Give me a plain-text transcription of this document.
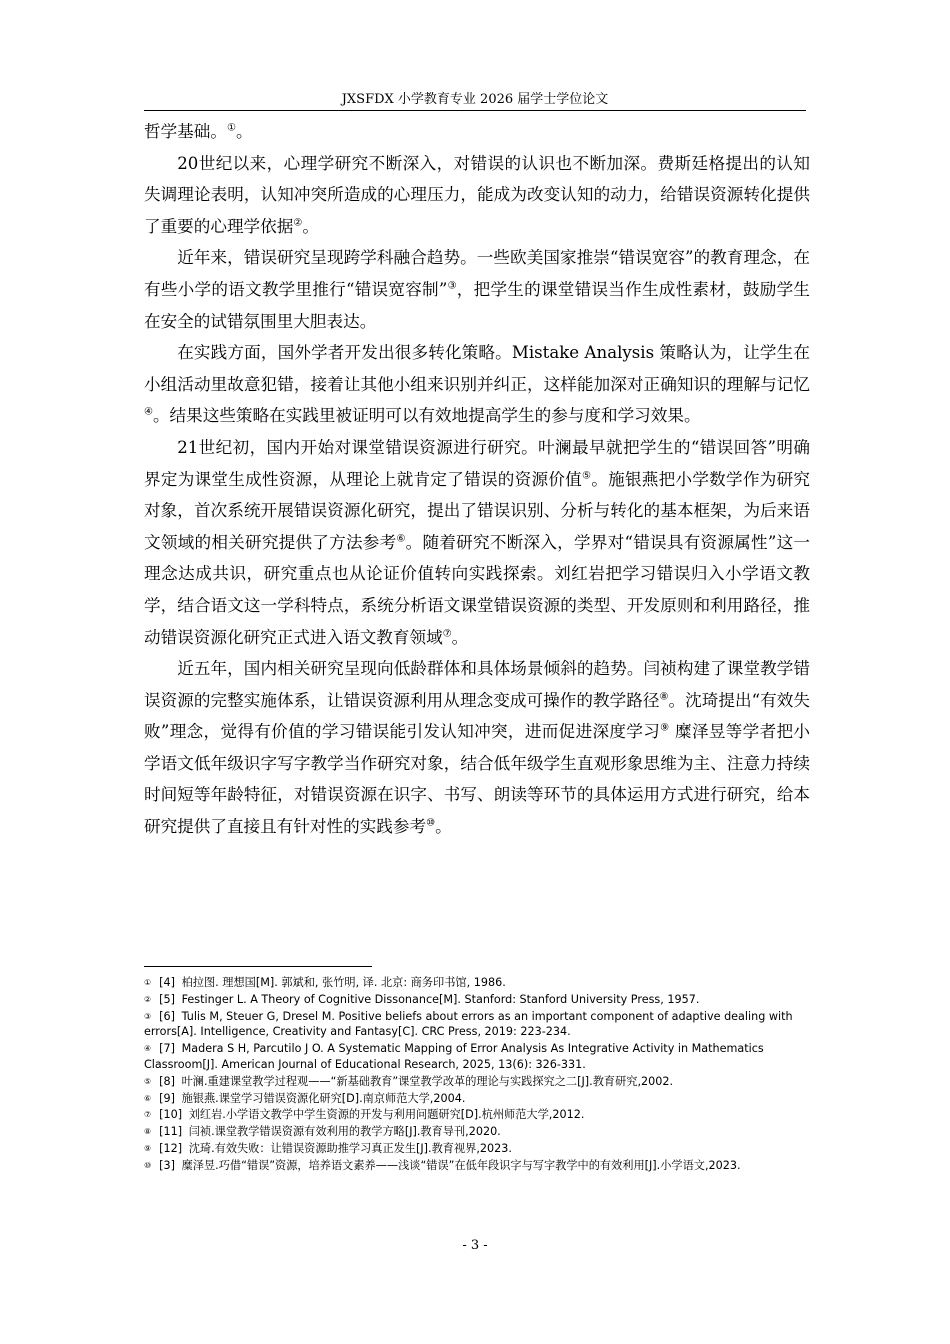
JXSFDX 小学教育专业 2026 届学士学位论文

哲学基础。①。

20世纪以来，心理学研究不断深入，对错误的认识也不断加深。费斯廷格提出的认知失调理论表明，认知冲突所造成的心理压力，能成为改变认知的动力，给错误资源转化提供了重要的心理学依据②。

近年来，错误研究呈现跨学科融合趋势。一些欧美国家推崇“错误宽容”的教育理念，在有些小学的语文教学里推行“错误宽容制”③，把学生的课堂错误当作生成性素材，鼓励学生在安全的试错氛围里大胆表达。

在实践方面，国外学者开发出很多转化策略。Mistake Analysis 策略认为，让学生在小组活动里故意犯错，接着让其他小组来识别并纠正，这样能加深对正确知识的理解与记忆④。结果这些策略在实践里被证明可以有效地提高学生的参与度和学习效果。

21世纪初，国内开始对课堂错误资源进行研究。叶澜最早就把学生的“错误回答”明确界定为课堂生成性资源，从理论上就肯定了错误的资源价值⑤。施银燕把小学数学作为研究对象，首次系统开展错误资源化研究，提出了错误识别、分析与转化的基本框架，为后来语文领域的相关研究提供了方法参考⑥。随着研究不断深入，学界对“错误具有资源属性”这一理念达成共识，研究重点也从论证价值转向实践探索。刘红岩把学习错误归入小学语文教学，结合语文这一学科特点，系统分析语文课堂错误资源的类型、开发原则和利用路径，推动错误资源化研究正式进入语文教育领域⑦。

近五年，国内相关研究呈现向低龄群体和具体场景倾斜的趋势。闫祯构建了课堂教学错误资源的完整实施体系，让错误资源利用从理念变成可操作的教学路径⑧。沈琦提出“有效失败”理念，觉得有价值的学习错误能引发认知冲突，进而促进深度学习⑨ 糜泽昱等学者把小学语文低年级识字写字教学当作研究对象，结合低年级学生直观形象思维为主、注意力持续时间短等年龄特征，对错误资源在识字、书写、朗读等环节的具体运用方式进行研究，给本研究提供了直接且有针对性的实践参考⑩。

① [4] 柏拉图. 理想国[M]. 郭斌和, 张竹明, 译. 北京: 商务印书馆, 1986.
② [5] Festinger L. A Theory of Cognitive Dissonance[M]. Stanford: Stanford University Press, 1957.
③ [6] Tulis M, Steuer G, Dresel M. Positive beliefs about errors as an important component of adaptive dealing with errors[A]. Intelligence, Creativity and Fantasy[C]. CRC Press, 2019: 223-234.
④ [7] Madera S H, Parcutilo J O. A Systematic Mapping of Error Analysis As Integrative Activity in Mathematics Classroom[J]. American Journal of Educational Research, 2025, 13(6): 326-331.
⑤ [8] 叶澜.重建课堂教学过程观——“新基础教育”课堂教学改革的理论与实践探究之二[J].教育研究,2002.
⑥ [9] 施银燕.课堂学习错误资源化研究[D].南京师范大学,2004.
⑦ [10] 刘红岩.小学语文教学中学生资源的开发与利用问题研究[D].杭州师范大学,2012.
⑧ [11] 闫祯.课堂教学错误资源有效利用的教学方略[J].教育导刊,2020.
⑨ [12] 沈琦.有效失败：让错误资源助推学习真正发生[J].教育视界,2023.
⑩ [3] 糜泽昱.巧借“错误”资源，培养语文素养——浅谈“错误”在低年段识字与写字教学中的有效利用[J].小学语文,2023.
- 3 -
